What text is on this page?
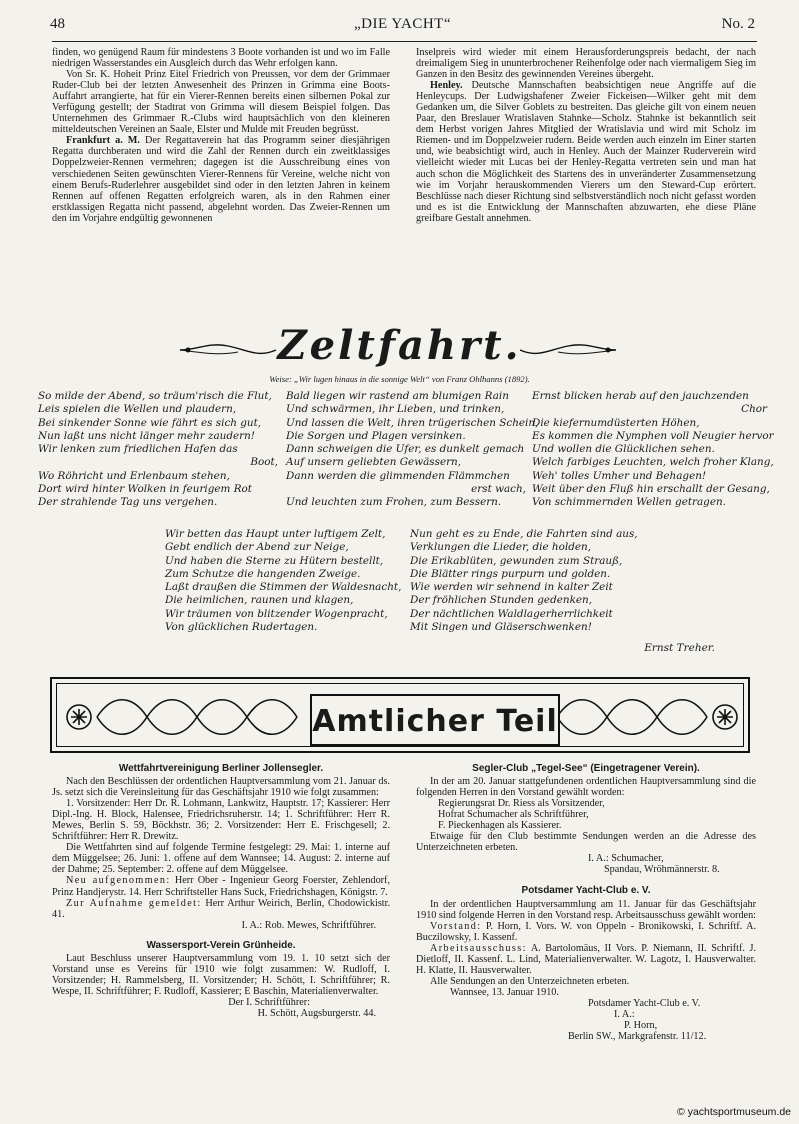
48	„DIE YACHT“	No. 2

finden, wo genügend Raum für mindestens 3 Boote vorhanden ist und wo im Falle niedrigen Wasserstandes ein Ausgleich durch das Wehr erfolgen kann.

Von Sr. K. Hoheit Prinz Eitel Friedrich von Preussen, vor dem der Grimmaer Ruder-Club bei der letzten Anwesenheit des Prinzen in Grimma eine Boots-Auffahrt arrangierte, hat für ein Vierer-Rennen bereits einen silbernen Pokal zur Verfügung gestellt; der Stadtrat von Grimma will diesem Beispiel folgen. Das Unternehmen des Grimmaer R.-Clubs wird hauptsächlich von den kleineren mitteldeutschen Vereinen an Saale, Elster und Mulde mit Freuden begrüsst.

Frankfurt a. M. Der Regattaverein hat das Programm seiner diesjährigen Regatta durchberaten und wird die Zahl der Rennen durch ein zweitklassiges Doppelzweier-Rennen vermehren; dagegen ist die Ausschreibung eines von verschiedenen Seiten gewünschten Vierer-Rennens für Vereine, welche nicht von einem Berufs-Ruderlehrer ausgebildet sind oder in den letzten Jahren in keinem Rennen auf offenen Regatten erfolgreich waren, als in den Rahmen einer erstklassigen Regatta nicht passend, abgelehnt worden. Das Zweier-Rennen um den im Vorjahre endgültig gewonnenen

Inselpreis wird wieder mit einem Herausforderungspreis bedacht, der nach dreimaligem Sieg in ununterbrochener Reihenfolge oder nach viermaligem Sieg im Ganzen in den Besitz des gewinnenden Vereines übergeht.

Henley. Deutsche Mannschaften beabsichtigen neue Angriffe auf die Henleycups. Der Ludwigshafener Zweier Fickeisen—Wilker geht mit dem Gedanken um, die Silver Goblets zu bestreiten. Das gleiche gilt von einem neuen Paar, den Breslauer Wratislaven Stahnke—Scholz. Stahnke ist bekanntlich seit dem Herbst vorigen Jahres Mitglied der Wratislavia und wird mit Scholz im Riemen- und im Doppelzweier rudern. Beide werden auch einzeln im Einer starten und, wie beabsichtigt wird, auch in Henley. Auch der Mainzer Ruderverein wird vielleicht wieder mit Lucas bei der Henley-Regatta vertreten sein und man hat auch schon die Möglichkeit des Startens des in unveränderter Zusammensetzung wie im Vorjahr herauskommenden Vierers um den Steward-Cup erörtert. Beschlüsse nach dieser Richtung sind selbstverständlich noch nicht gefasst worden und es ist die Entwicklung der Mannschaften abzuwarten, ehe diese Pläne greifbare Gestalt annehmen.

Zeltfahrt.
Weise: „Wir lugen hinaus in die sonnige Welt“ von Franz Ohlhanns (1892).
So milde der Abend, so träum'risch die Flut,
Leis spielen die Wellen und plaudern,
Bei sinkender Sonne wie fährt es sich gut,
Nun laßt uns nicht länger mehr zaudern!
Wir lenken zum friedlichen Hafen das
Boot,
Wo Röhricht und Erlenbaum stehen,
Dort wird hinter Wolken in feurigem Rot
Der strahlende Tag uns vergehen.
Bald liegen wir rastend am blumigen Rain
Und schwärmen, ihr Lieben, und trinken,
Und lassen die Welt, ihren trügerischen Schein,
Die Sorgen und Plagen versinken.
Dann schweigen die Ufer, es dunkelt gemach
Auf unsern geliebten Gewässern,
Dann werden die glimmenden Flämmchen
erst wach,
Und leuchten zum Frohen, zum Bessern.
Ernst blicken herab auf den jauchzenden
Chor
Die kiefernumdüsterten Höhen,
Es kommen die Nymphen voll Neugier hervor
Und wollen die Glücklichen sehen.
Welch farbiges Leuchten, welch froher Klang,
Weh' tolles Umher und Behagen!
Weit über den Fluß hin erschallt der Gesang,
Von schimmernden Wellen getragen.
Wir betten das Haupt unter luftigem Zelt,
Gebt endlich der Abend zur Neige,
Und haben die Sterne zu Hütern bestellt,
Zum Schutze die hangenden Zweige.
Laßt draußen die Stimmen der Waldesnacht,
Die heimlichen, raunen und klagen,
Wir träumen von blitzender Wogenpracht,
Von glücklichen Rudertagen.
Nun geht es zu Ende, die Fahrten sind aus,
Verklungen die Lieder, die holden,
Die Erikablüten, gewunden zum Strauß,
Die Blätter rings purpurn und golden.
Wie werden wir sehnend in kalter Zeit
Der fröhlichen Stunden gedenken,
Der nächtlichen Waldlagerherrlichkeit
Mit Singen und Gläserschwenken!
Ernst Treher.
Amtlicher Teil
Wettfahrtvereinigung Berliner Jollensegler.

Nach den Beschlüssen der ordentlichen Hauptversammlung vom 21. Januar ds. Js. setzt sich die Vereinsleitung für das Geschäftsjahr 1910 wie folgt zusammen:

1. Vorsitzender: Herr Dr. R. Lohmann, Lankwitz, Hauptstr. 17; Kassierer: Herr Dipl.-Ing. H. Block, Halensee, Friedrichsruherstr. 14; 1. Schriftführer: Herr R. Mewes, Berlin S. 59, Böckhstr. 36; 2. Vorsitzender: Herr E. Frischgesell; 2. Schriftführer: Herr R. Drewitz.

Die Wettfahrten sind auf folgende Termine festgelegt: 29. Mai: 1. interne auf dem Müggelsee; 26. Juni: 1. offene auf dem Wannsee; 14. August: 2. interne auf der Dahme; 25. September: 2. offene auf dem Müggelsee.

Neu aufgenommen: Herr Ober - Ingenieur Georg Foerster, Zehlendorf, Prinz Handjerystr. 14. Herr Schriftsteller Hans Suck, Friedrichshagen, Königstr. 7.

Zur Aufnahme gemeldet: Herr Arthur Weirich, Berlin, Chodowickistr. 41.

I. A.: Rob. Mewes, Schriftführer.
Wassersport-Verein Grünheide.

Laut Beschluss unserer Hauptversammlung vom 19. 1. 10 setzt sich der Vorstand unse es Vereins für 1910 wie folgt zusammen: W. Rudloff, I. Vorsitzender; H. Rammelsberg, II. Vorsitzender; H. Schött, I. Schriftführer; R. Wespe, II. Schriftführer; F. Rudloff, Kassierer; E Baschin, Materialienverwalter.

Der I. Schriftführer:
H. Schött, Augsburgerstr. 44.
Segler-Club „Tegel-See“ (Eingetragener Verein).

In der am 20. Januar stattgefundenen ordentlichen Hauptversammlung sind die folgenden Herren in den Vorstand gewählt worden:

Regierungsrat Dr. Riess als Vorsitzender,
Hofrat Schumacher als Schriftführer,
F. Pieckenhagen als Kassierer.

Etwaige für den Club bestimmte Sendungen werden an die Adresse des Unterzeichneten erbeten.

I. A.: Schumacher,
Spandau, Wröhmännerstr. 8.
Potsdamer Yacht-Club e. V.

In der ordentlichen Hauptversammlung am 11. Januar für das Geschäftsjahr 1910 sind folgende Herren in den Vorstand resp. Arbeitsausschuss gewählt worden:

Vorstand: P. Horn, I. Vors. W. von Oppeln - Bronikowski, I. Schriftf. A. Buczilowsky, I. Kassenf.

Arbeitsausschuss: A. Bartolomäus, II Vors. P. Niemann, II. Schriftf. J. Dietloff, II. Kassenf. L. Lind, Materialienverwalter. W. Lagotz, I. Hausverwalter. H. Klatte, II. Hausverwalter.

Alle Sendungen an den Unterzeichneten erbeten.

Wannsee, 13. Januar 1910.
Potsdamer Yacht-Club e. V.
I. A.:
P. Horn,
Berlin SW., Markgrafenstr. 11/12.
© yachtsportmuseum.de
